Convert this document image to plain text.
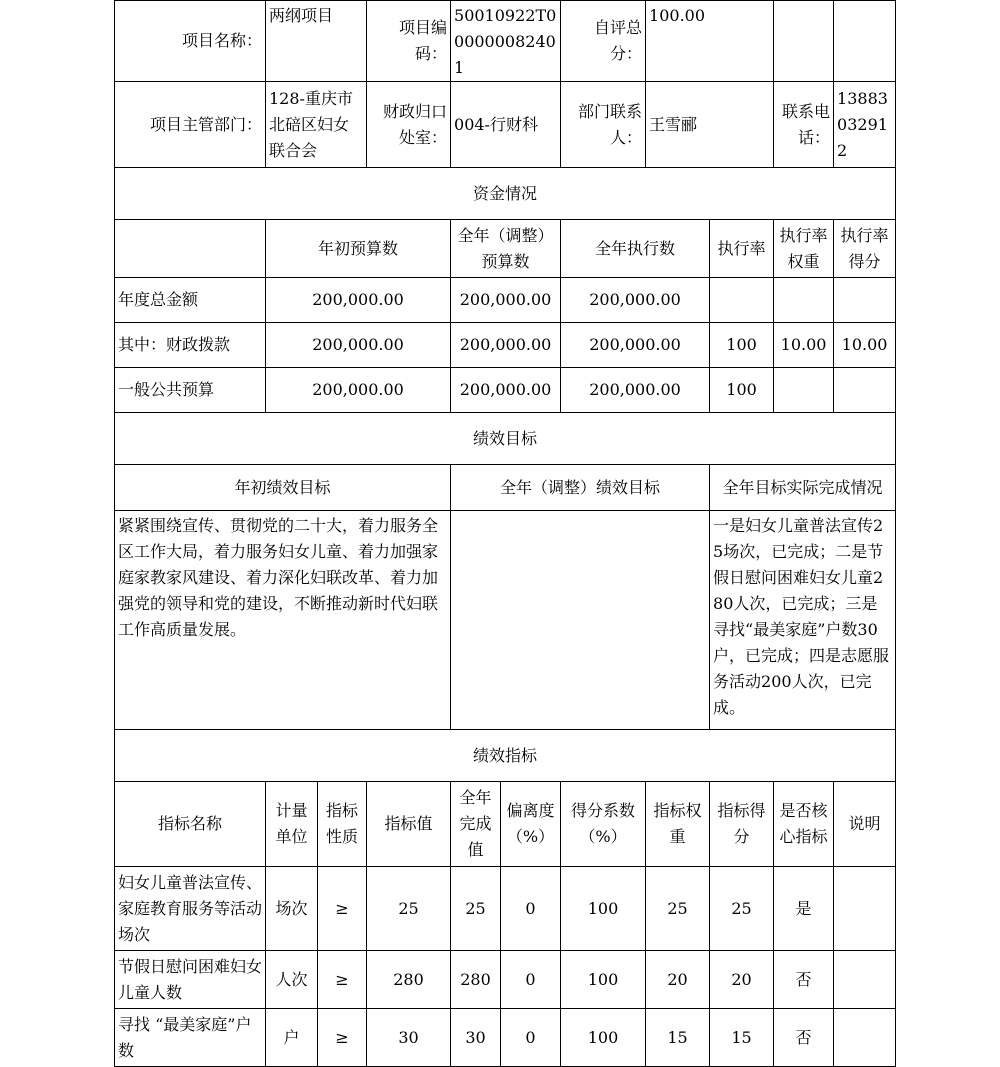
项目名称：	两纲项目		项目编码：	50010922T000000082401		自评总分：	100.00			
项目主管部门：	128-重庆市北碚区妇女联合会		财政归口处室：	004-行财科		部门联系人：	王雪郦		联系电话：	13883032912
资金情况										
	年初预算数			全年（调整）预算数		全年执行数		执行率	执行率权重	执行率得分
年度总金额	200,000.00			200,000.00		200,000.00				
其中：财政拨款	200,000.00			200,000.00		200,000.00		100	10.00	10.00
一般公共预算	200,000.00			200,000.00		200,000.00		100		
绩效目标										
年初绩效目标				全年（调整）绩效目标				全年目标实际完成情况		
紧紧围绕宣传、贯彻党的二十大，着力服务全区工作大局，着力服务妇女儿童、着力加强家庭家教家风建设、着力深化妇联改革、着力加强党的领导和党的建设，不断推动新时代妇联工作高质量发展。								一是妇女儿童普法宣传25场次，已完成；二是节假日慰问困难妇女儿童280人次，已完成；三是寻找“最美家庭”户数30户，已完成；四是志愿服务活动200人次，已完成。		
绩效指标										
指标名称	计量单位	指标性质	指标值	全年完成值	偏离度（%）	得分系数（%）	指标权重	指标得分	是否核心指标	说明
妇女儿童普法宣传、家庭教育服务等活动场次	场次	≥	25	25	0	100	25	25	是	
节假日慰问困难妇女儿童人数	人次	≥	280	280	0	100	20	20	否	
寻找 “最美家庭”户数	户	≥	30	30	0	100	15	15	否	
